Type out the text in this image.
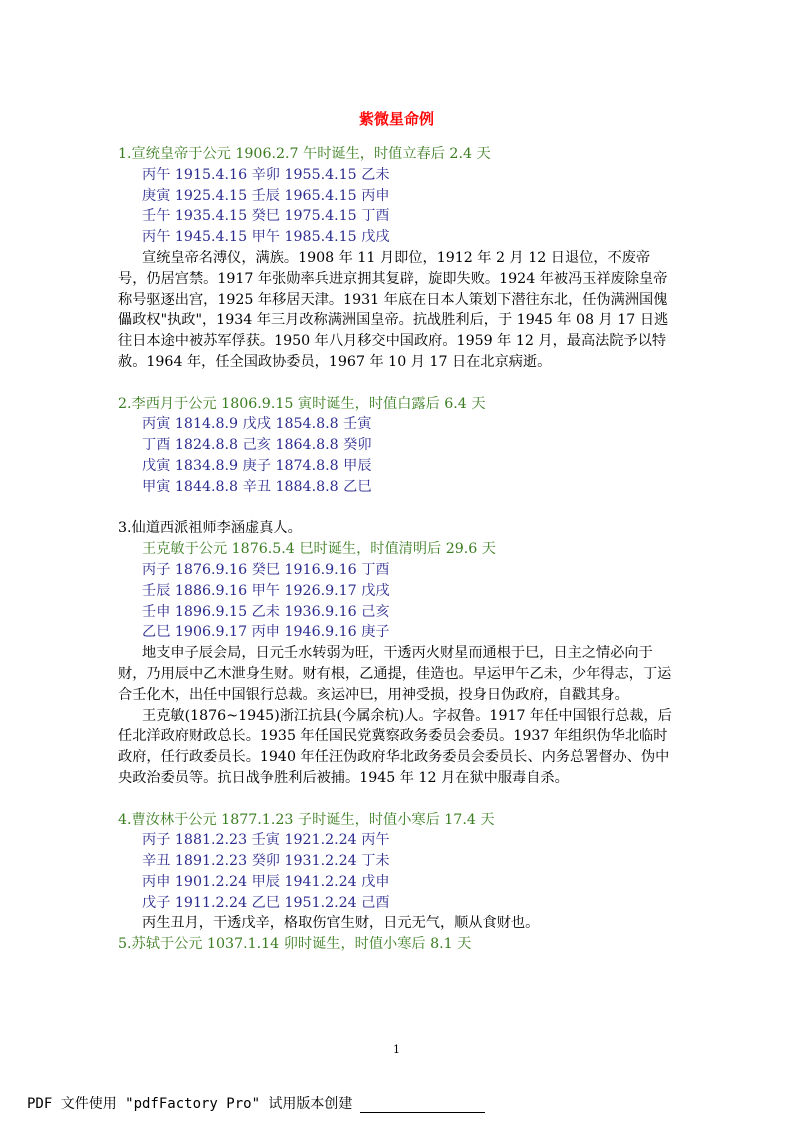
紫微星命例
1.宣统皇帝于公元 1906.2.7 午时诞生，时值立春后 2.4 天
丙午 1915.4.16 辛卯 1955.4.15 乙未
庚寅 1925.4.15 壬辰 1965.4.15 丙申
壬午 1935.4.15 癸巳 1975.4.15 丁酉
丙午 1945.4.15 甲午 1985.4.15 戊戌

宣统皇帝名溥仪，满族。1908 年 11 月即位，1912 年 2 月 12 日退位，不废帝号，仍居宫禁。1917 年张勋率兵进京拥其复辟，旋即失败。1924 年被冯玉祥废除皇帝称号驱逐出宫，1925 年移居天津。1931 年底在日本人策划下潜往东北，任伪满洲国傀儡政权"执政"，1934 年三月改称满洲国皇帝。抗战胜利后，于 1945 年 08 月 17 日逃往日本途中被苏军俘获。1950 年八月移交中国政府。1959 年 12 月，最高法院予以特赦。1964 年，任全国政协委员，1967 年 10 月 17 日在北京病逝。

2.李西月于公元 1806.9.15 寅时诞生，时值白露后 6.4 天
丙寅 1814.8.9 戊戌 1854.8.8 壬寅
丁酉 1824.8.8 己亥 1864.8.8 癸卯
戊寅 1834.8.9 庚子 1874.8.8 甲辰
甲寅 1844.8.8 辛丑 1884.8.8 乙巳
3.仙道西派祖师李涵虚真人。
王克敏于公元 1876.5.4 巳时诞生，时值清明后 29.6 天
丙子 1876.9.16 癸巳 1916.9.16 丁酉
壬辰 1886.9.16 甲午 1926.9.17 戊戌
壬申 1896.9.15 乙未 1936.9.16 己亥
乙巳 1906.9.17 丙申 1946.9.16 庚子

地支申子辰会局，日元壬水转弱为旺，干透丙火财星而通根于巳，日主之情必向于财，乃用辰中乙木泄身生财。财有根，乙通提，佳造也。早运甲午乙未，少年得志，丁运合壬化木，出任中国银行总裁。亥运冲巳，用神受损，投身日伪政府，自戳其身。

王克敏(1876~1945)浙江抗县(今属余杭)人。字叔鲁。1917 年任中国银行总裁，后任北洋政府财政总长。1935 年任国民党冀察政务委员会委员。1937 年组织伪华北临时政府，任行政委员长。1940 年任汪伪政府华北政务委员会委员长、内务总署督办、伪中央政治委员等。抗日战争胜利后被捕。1945 年 12 月在狱中服毒自杀。

4.曹汝林于公元 1877.1.23 子时诞生，时值小寒后 17.4 天
丙子 1881.2.23 壬寅 1921.2.24 丙午
辛丑 1891.2.23 癸卯 1931.2.24 丁未
丙申 1901.2.24 甲辰 1941.2.24 戊申
戊子 1911.2.24 乙巳 1951.2.24 己酉

丙生丑月，干透戊辛，格取伤官生财，日元无气，顺从食财也。

5.苏轼于公元 1037.1.14 卯时诞生，时值小寒后 8.1 天
1
PDF 文件使用 "pdfFactory Pro" 试用版本创建
